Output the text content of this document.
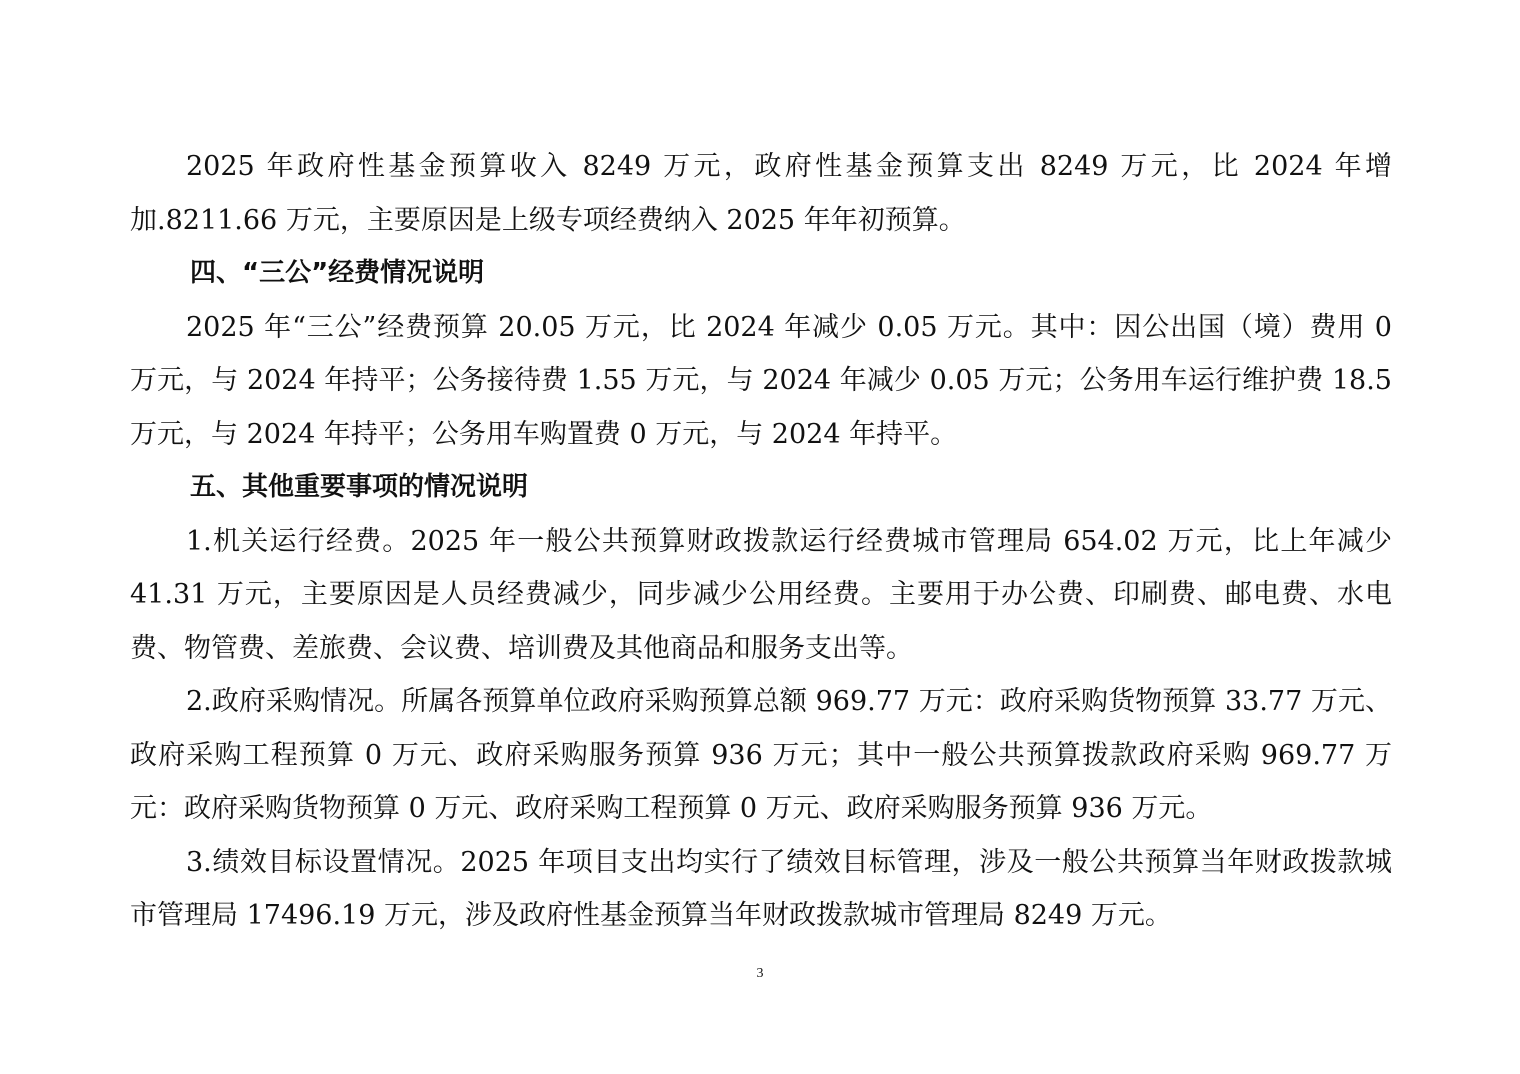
2025 年政府性基金预算收入 8249 万元，政府性基金预算支出 8249 万元，比 2024 年增加.8211.66 万元，主要原因是上级专项经费纳入 2025 年年初预算。

四、“三公”经费情况说明

2025 年“三公”经费预算 20.05 万元，比 2024 年减少 0.05 万元。其中：因公出国（境）费用 0 万元，与 2024 年持平；公务接待费 1.55 万元，与 2024 年减少 0.05 万元；公务用车运行维护费 18.5 万元，与 2024 年持平；公务用车购置费 0 万元，与 2024 年持平。

五、其他重要事项的情况说明

1.机关运行经费。2025 年一般公共预算财政拨款运行经费城市管理局 654.02 万元，比上年减少 41.31 万元，主要原因是人员经费减少，同步减少公用经费。主要用于办公费、印刷费、邮电费、水电费、物管费、差旅费、会议费、培训费及其他商品和服务支出等。

2.政府采购情况。所属各预算单位政府采购预算总额 969.77 万元：政府采购货物预算 33.77 万元、政府采购工程预算 0 万元、政府采购服务预算 936 万元；其中一般公共预算拨款政府采购 969.77 万元：政府采购货物预算 0 万元、政府采购工程预算 0 万元、政府采购服务预算 936 万元。

3.绩效目标设置情况。2025 年项目支出均实行了绩效目标管理，涉及一般公共预算当年财政拨款城市管理局 17496.19 万元，涉及政府性基金预算当年财政拨款城市管理局 8249 万元。

3
